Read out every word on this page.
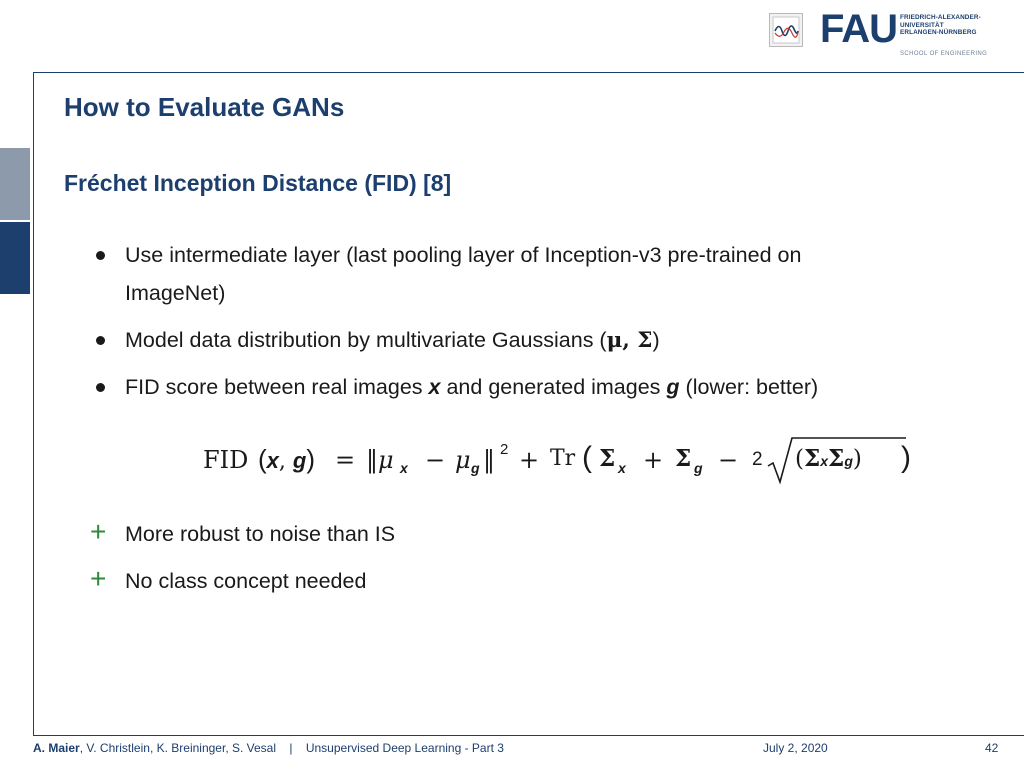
FAU FRIEDRICH-ALEXANDER-
UNIVERSITÄT
ERLANGEN-NÜRNBERG
SCHOOL OF ENGINEERING
How to Evaluate GANs
Fréchet Inception Distance (FID) [8]
Use intermediate layer (last pooling layer of Inception-v3 pre-trained on
ImageNet)
Model data distribution by multivariate Gaussians (μ, Σ)
FID score between real images x and generated images g (lower: better)
FID (x, g) = ‖μ x − μ g ‖ 2 + Tr ( Σ x + Σ g − 2 (ΣxΣg) )
+ More robust to noise than IS
+ No class concept needed
A. Maier, V. Christlein, K. Breininger, S. Vesal | Unsupervised Deep Learning - Part 3	July 2, 2020	42
